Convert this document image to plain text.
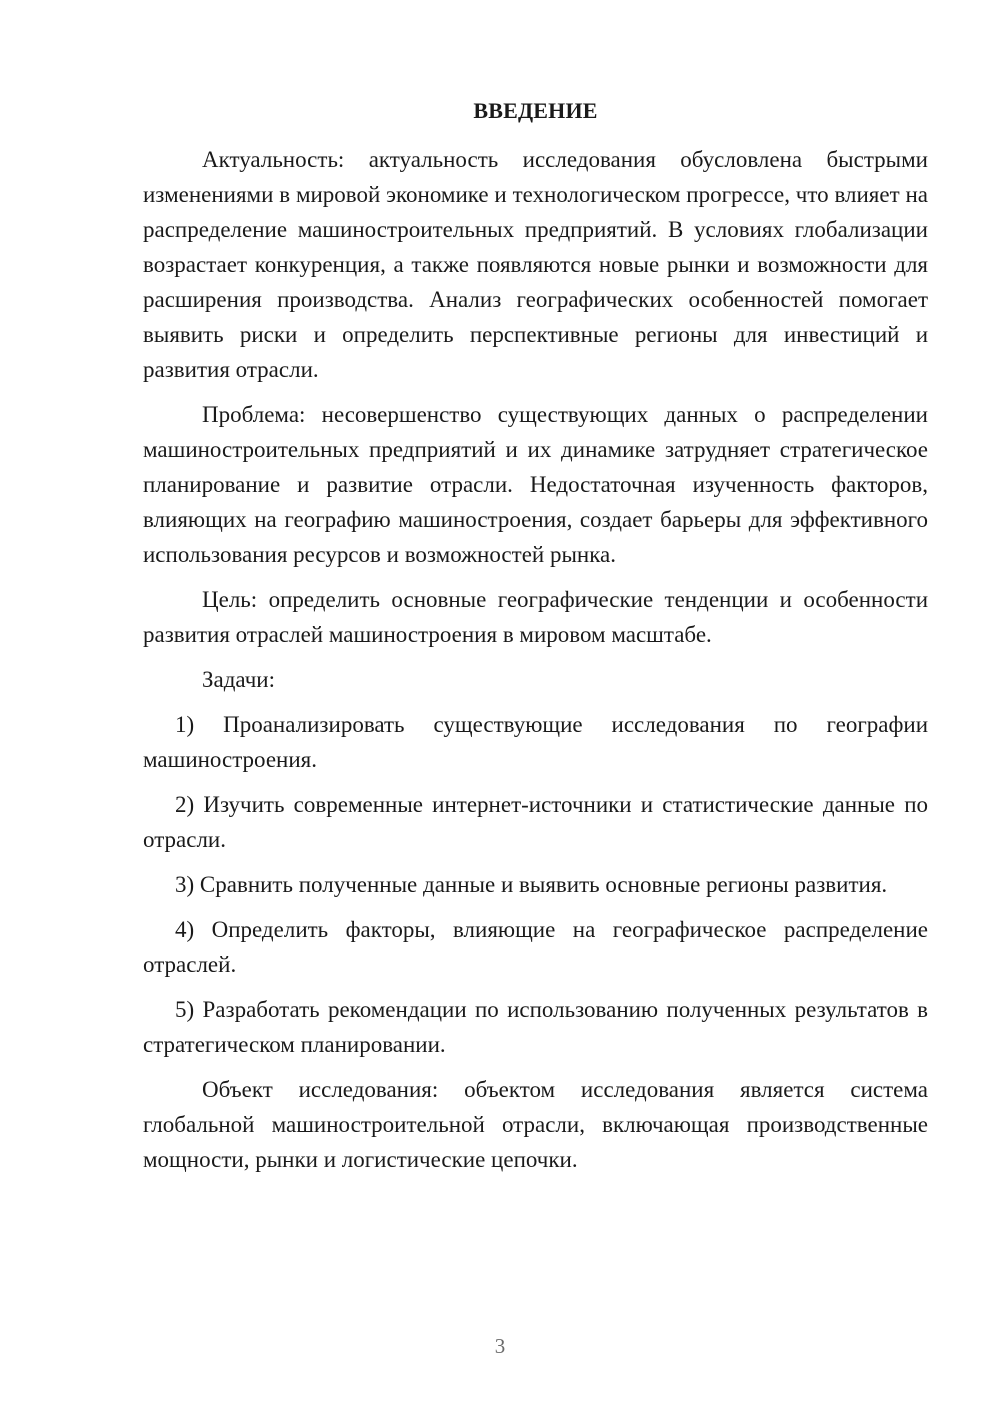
ВВЕДЕНИЕ

Актуальность: актуальность исследования обусловлена быстрыми изменениями в мировой экономике и технологическом прогрессе, что влияет на распределение машиностроительных предприятий. В условиях глобализации возрастает конкуренция, а также появляются новые рынки и возможности для расширения производства. Анализ географических особенностей помогает выявить риски и определить перспективные регионы для инвестиций и развития отрасли.

Проблема: несовершенство существующих данных о распределении машиностроительных предприятий и их динамике затрудняет стратегическое планирование и развитие отрасли. Недостаточная изученность факторов, влияющих на географию машиностроения, создает барьеры для эффективного использования ресурсов и возможностей рынка.

Цель: определить основные географические тенденции и особенности развития отраслей машиностроения в мировом масштабе.

Задачи:

1) Проанализировать существующие исследования по географии машиностроения.

2) Изучить современные интернет-источники и статистические данные по отрасли.

3) Сравнить полученные данные и выявить основные регионы развития.

4) Определить факторы, влияющие на географическое распределение отраслей.

5) Разработать рекомендации по использованию полученных результатов в стратегическом планировании.

Объект исследования: объектом исследования является система глобальной машиностроительной отрасли, включающая производственные мощности, рынки и логистические цепочки.

3
